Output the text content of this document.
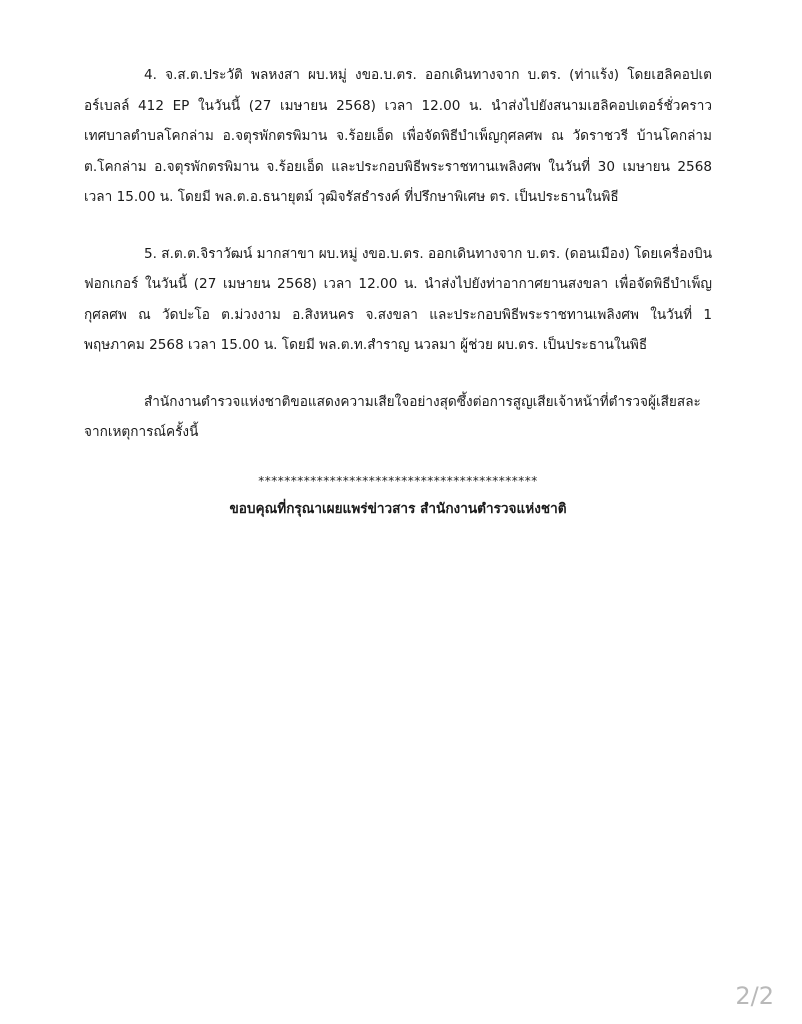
4. จ.ส.ต.ประวัติ พลหงสา ผบ.หมู่ งขอ.บ.ตร. ออกเดินทางจาก บ.ตร. (ท่าแร้ง) โดยเฮลิคอปเตอร์เบลล์ 412 EP ในวันนี้ (27 เมษายน 2568) เวลา 12.00 น. นำส่งไปยังสนามเฮลิคอปเตอร์ชั่วคราว เทศบาลตำบลโคกล่าม อ.จตุรพักตรพิมาน จ.ร้อยเอ็ด เพื่อจัดพิธีบำเพ็ญกุศลศพ ณ วัดราชวรี บ้านโคกล่าม ต.โคกล่าม อ.จตุรพักตรพิมาน จ.ร้อยเอ็ด และประกอบพิธีพระราชทานเพลิงศพ ในวันที่ 30 เมษายน 2568 เวลา 15.00 น. โดยมี พล.ต.อ.ธนายุตม์ วุฒิจรัสธำรงค์ ที่ปรึกษาพิเศษ ตร. เป็นประธานในพิธี

5. ส.ต.ต.จิราวัฒน์ มากสาขา ผบ.หมู่ งขอ.บ.ตร. ออกเดินทางจาก บ.ตร. (ดอนเมือง) โดยเครื่องบินฟอกเกอร์ ในวันนี้ (27 เมษายน 2568) เวลา 12.00 น. นำส่งไปยังท่าอากาศยานสงขลา เพื่อจัดพิธีบำเพ็ญกุศลศพ ณ วัดปะโอ ต.ม่วงงาม อ.สิงหนคร จ.สงขลา และประกอบพิธีพระราชทานเพลิงศพ ในวันที่ 1 พฤษภาคม 2568 เวลา 15.00 น. โดยมี พล.ต.ท.สำราญ นวลมา ผู้ช่วย ผบ.ตร. เป็นประธานในพิธี

สำนักงานตำรวจแห่งชาติขอแสดงความเสียใจอย่างสุดซึ้งต่อการสูญเสียเจ้าหน้าที่ตำรวจผู้เสียสละจากเหตุการณ์ครั้งนี้

*******************************************
ขอบคุณที่กรุณาเผยแพร่ข่าวสาร สำนักงานตำรวจแห่งชาติ
2/2
